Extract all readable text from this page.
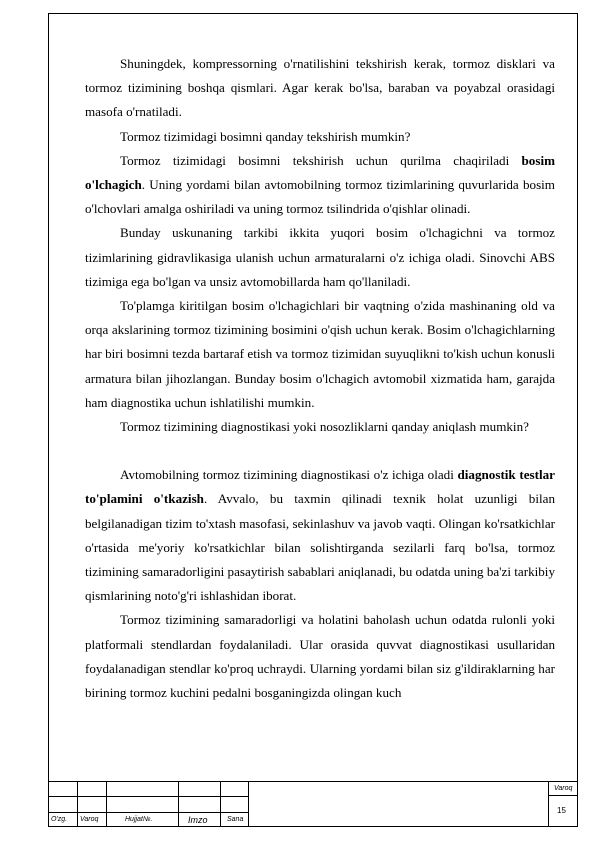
Shuningdek, kompressorning o'rnatilishini tekshirish kerak, tormoz disklari va tormoz tizimining boshqa qismlari. Agar kerak bo'lsa, baraban va poyabzal orasidagi masofa o'rnatiladi.

Tormoz tizimidagi bosimni qanday tekshirish mumkin?

Tormoz tizimidagi bosimni tekshirish uchun qurilma chaqiriladi bosim o'lchagich. Uning yordami bilan avtomobilning tormoz tizimlarining quvurlarida bosim o'lchovlari amalga oshiriladi va uning tormoz tsilindrida o'qishlar olinadi.

Bunday uskunaning tarkibi ikkita yuqori bosim o'lchagichni va tormoz tizimlarining gidravlikasiga ulanish uchun armaturalarni o'z ichiga oladi. Sinovchi ABS tizimiga ega bo'lgan va unsiz avtomobillarda ham qo'llaniladi.

To'plamga kiritilgan bosim o'lchagichlari bir vaqtning o'zida mashinaning old va orqa akslarining tormoz tizimining bosimini o'qish uchun kerak. Bosim o'lchagichlarning har biri bosimni tezda bartaraf etish va tormoz tizimidan suyuqlikni to'kish uchun konusli armatura bilan jihozlangan. Bunday bosim o'lchagich avtomobil xizmatida ham, garajda ham diagnostika uchun ishlatilishi mumkin.

Tormoz tizimining diagnostikasi yoki nosozliklarni qanday aniqlash mumkin?

Avtomobilning tormoz tizimining diagnostikasi o'z ichiga oladi diagnostik testlar to'plamini o'tkazish. Avvalo, bu taxmin qilinadi texnik holat uzunligi bilan belgilanadigan tizim to'xtash masofasi, sekinlashuv va javob vaqti. Olingan ko'rsatkichlar o'rtasida me'yoriy ko'rsatkichlar bilan solishtirganda sezilarli farq bo'lsa, tormoz tizimining samaradorligini pasaytirish sabablari aniqlanadi, bu odatda uning ba'zi tarkibiy qismlarining noto'g'ri ishlashidan iborat.

Tormoz tizimining samaradorligi va holatini baholash uchun odatda rulonli yoki platformali stendlardan foydalaniladi. Ular orasida quvvat diagnostikasi usullaridan foydalanadigan stendlar ko'proq uchraydi. Ularning yordami bilan siz g'ildiraklarning har birining tormoz kuchini pedalni bosganingizda olingan kuch

O'zg. Varoq	Hujjat№.	Imzo	Sana
Varoq
15
